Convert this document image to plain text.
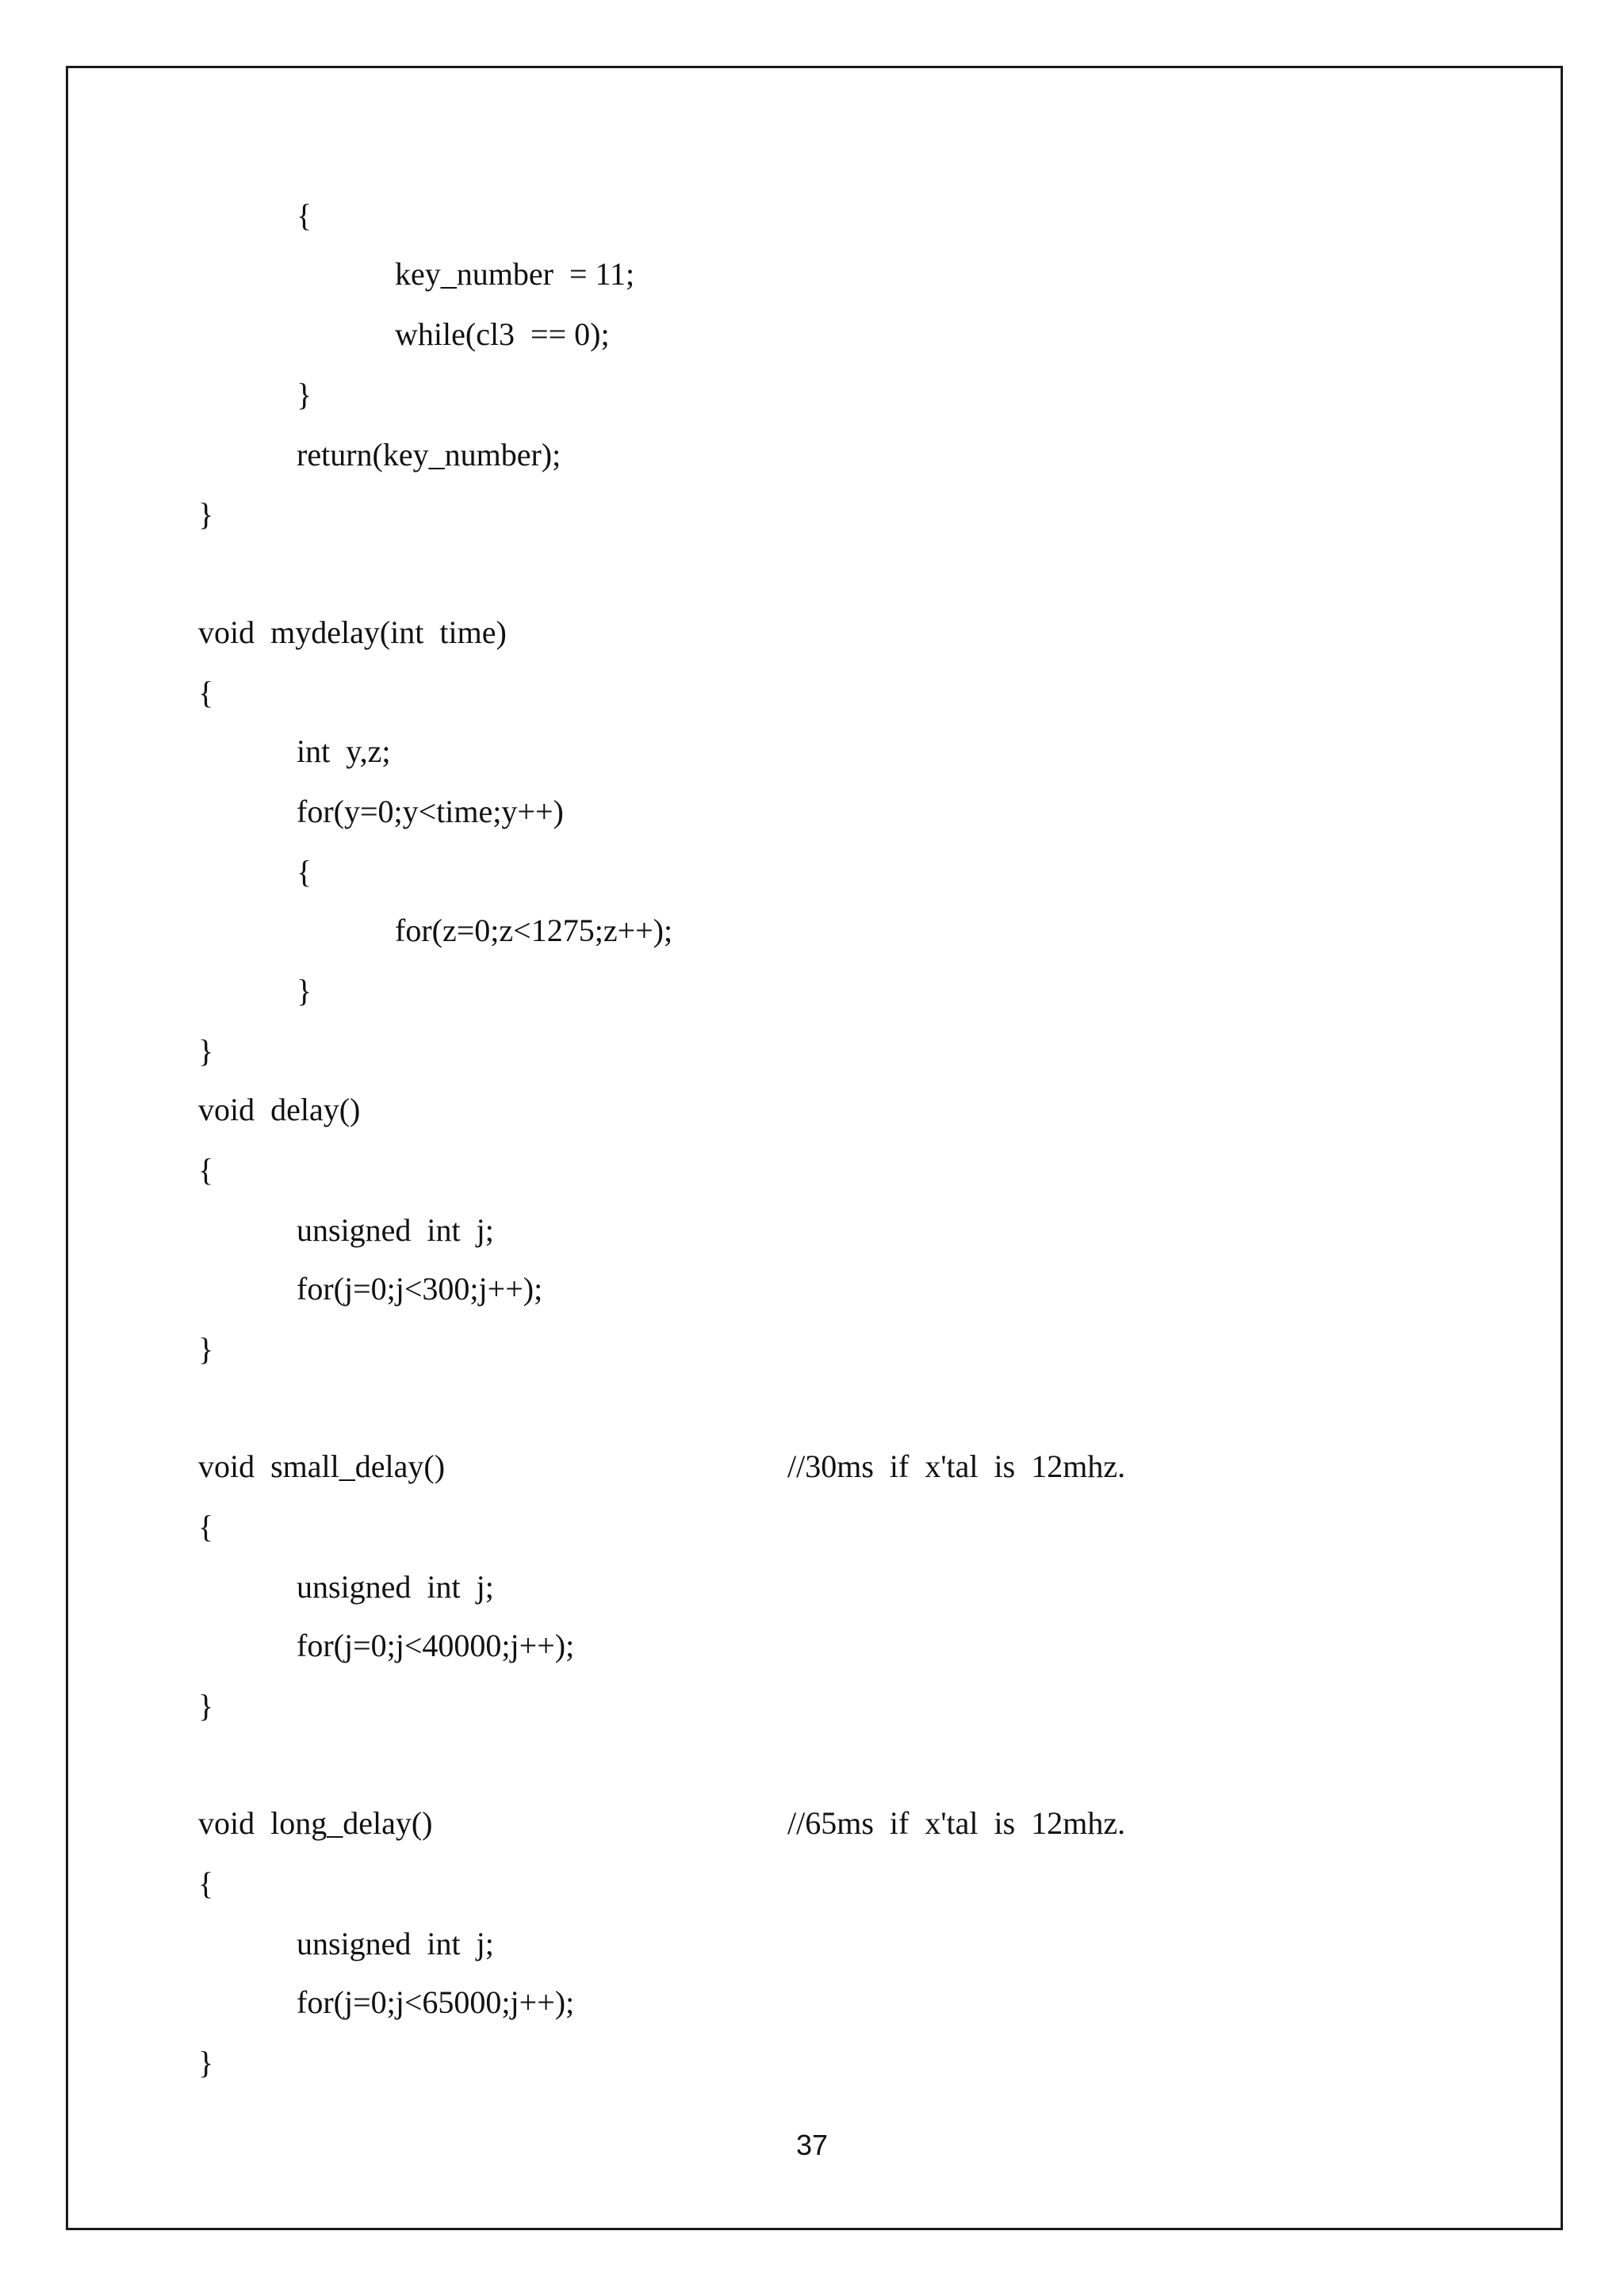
{
key_number  = 11;
while(cl3  == 0);
}
return(key_number);
}
void  mydelay(int  time)
{
int  y,z;
for(y=0;y<time;y++)
{
for(z=0;z<1275;z++);
}
}
void  delay()
{
unsigned  int  j;
for(j=0;j<300;j++);
}
void  small_delay()	//30ms  if  x'tal  is  12mhz.
{
unsigned  int  j;
for(j=0;j<40000;j++);
}
void  long_delay()	//65ms  if  x'tal  is  12mhz.
{
unsigned  int  j;
for(j=0;j<65000;j++);
}
37
